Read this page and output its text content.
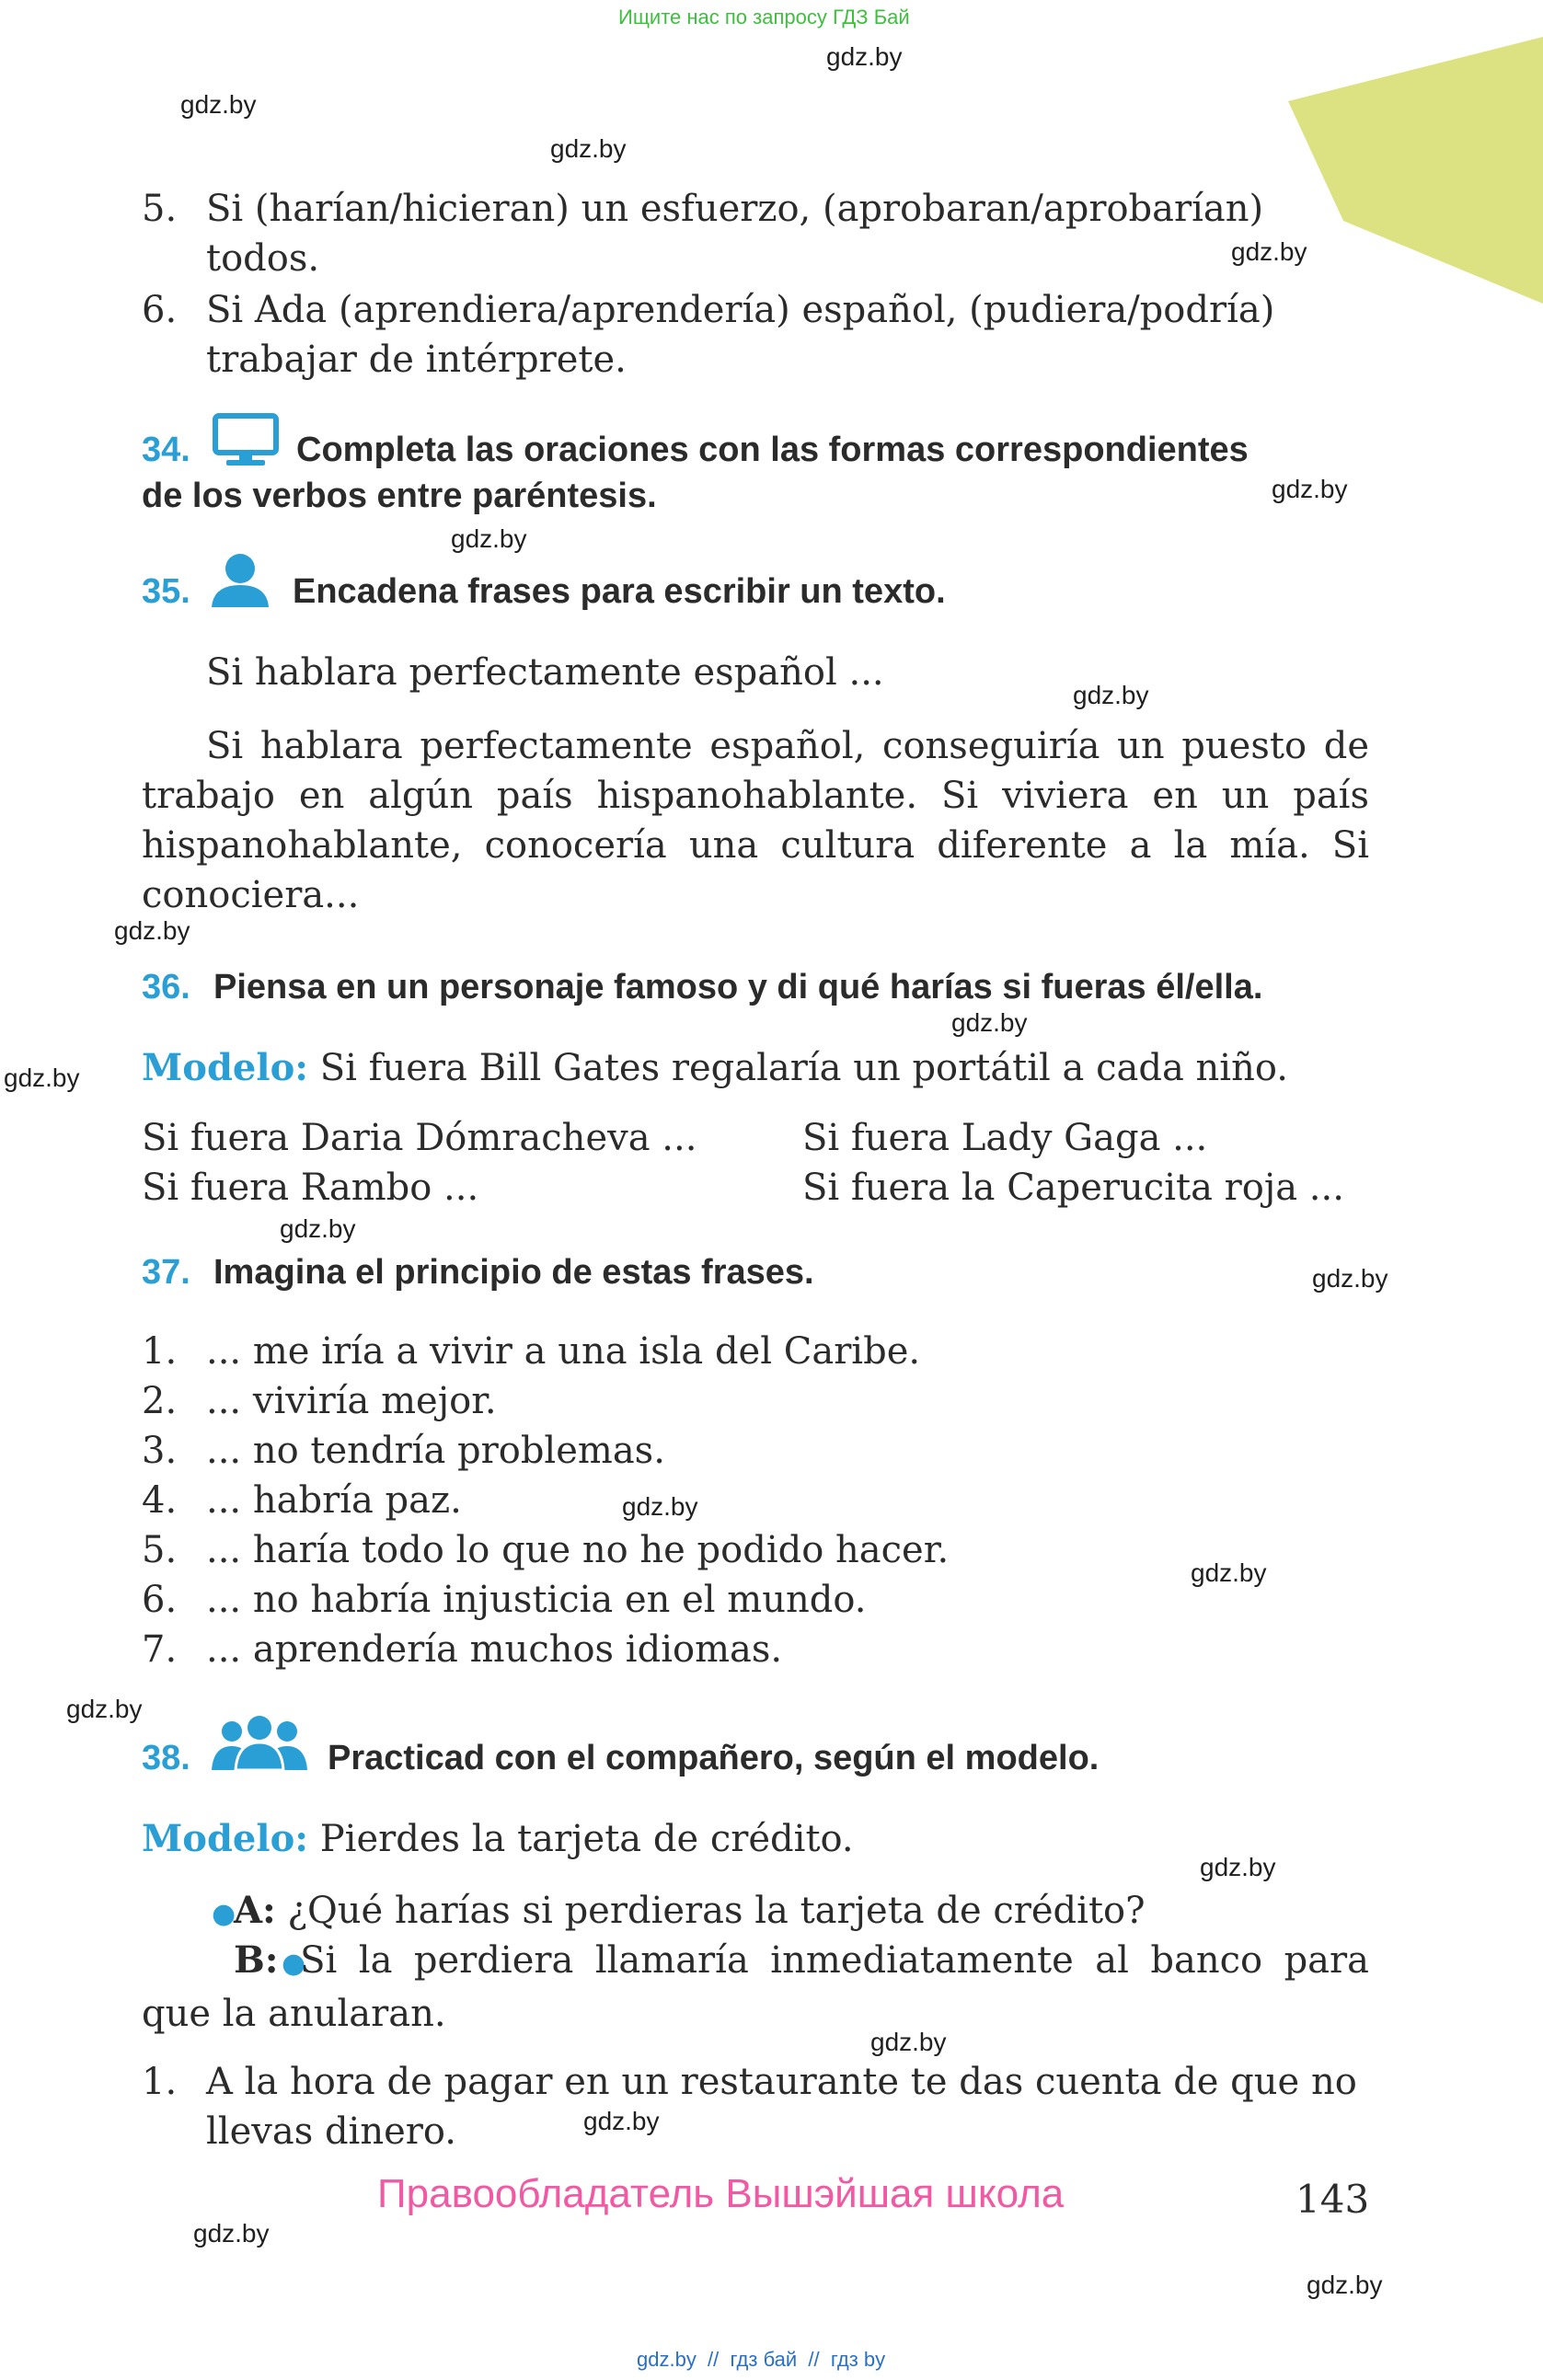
Ищите нас по запросу ГДЗ Бай
gdz.by
gdz.by
gdz.by
gdz.by
gdz.by
gdz.by
gdz.by
gdz.by
gdz.by
gdz.by
gdz.by
gdz.by
gdz.by
gdz.by
gdz.by
gdz.by
gdz.by
gdz.by
gdz.by
gdz.by
5. Si (harían/hicieran) un esfuerzo, (aprobaran/aprobarían)
todos.
6. Si Ada (aprendiera/aprendería) español, (pudiera/podría)
trabajar de intérprete.
34.	Completa las oraciones con las formas correspondientes
de los verbos entre paréntesis.
35.	Encadena frases para escribir un texto.
Si hablara perfectamente español ...
Si hablara perfectamente español, conseguiría un puesto de trabajo en algún país hispanohablante. Si viviera en un país hispanohablante, conocería una cultura diferente a la mía. Si conociera...
36. Piensa en un personaje famoso y di qué harías si fueras él/ella.
Modelo: Si fuera Bill Gates regalaría un portátil a cada niño.
Si fuera Daria Dómracheva ...	Si fuera Lady Gaga ...
Si fuera Rambo ...	Si fuera la Caperucita roja ...
37. Imagina el principio de estas frases.
1. ... me iría a vivir a una isla del Caribe.
2. ... viviría mejor.
3. ... no tendría problemas.
4. ... habría paz.
5. ... haría todo lo que no he podido hacer.
6. ... no habría injusticia en el mundo.
7. ... aprendería muchos idiomas.
38.	Practicad con el compañero, según el modelo.
Modelo: Pierdes la tarjeta de crédito.
●A: ¿Qué harías si perdieras la tarjeta de crédito?
●B: Si la perdiera llamaría inmediatamente al banco para que la anularan.
1. A la hora de pagar en un restaurante te das cuenta de que no
llevas dinero.
Правообладатель Вышэйшая школа	143
gdz.by  //  гдз бай  //  гдз by
